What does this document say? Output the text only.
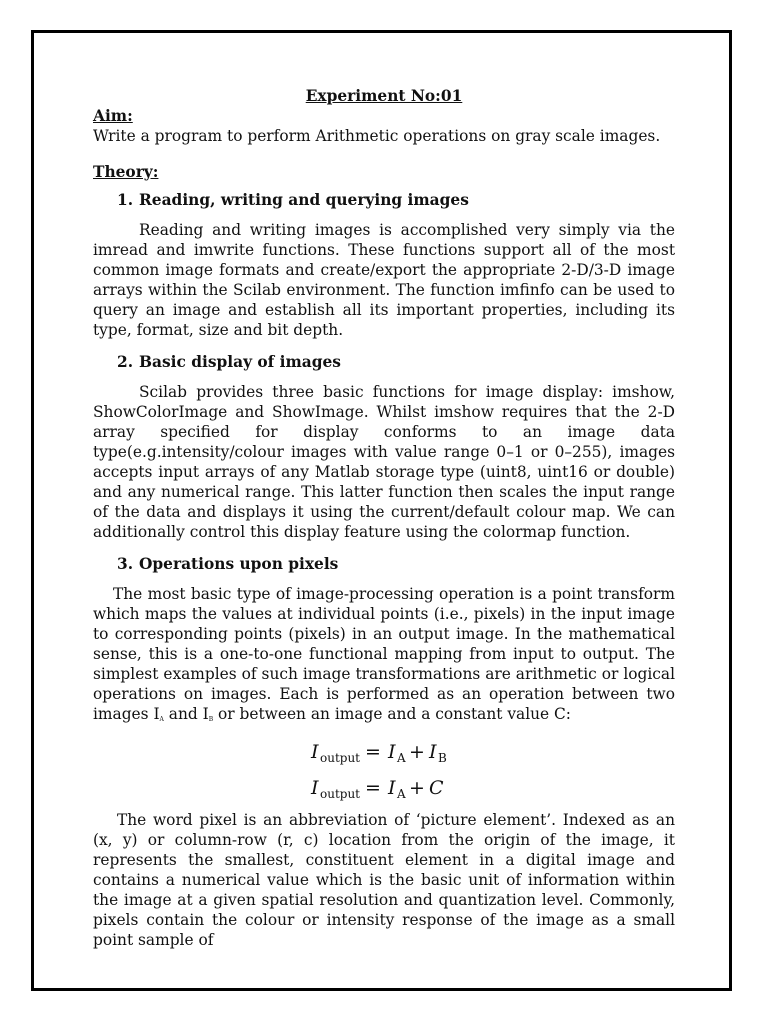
Experiment No:01

Aim:

Write a program to perform Arithmetic operations on gray scale images.

Theory:

1. Reading, writing and querying images

Reading and writing images is accomplished very simply via the imread and imwrite functions. These functions support all of the most common image formats and create/export the appropriate 2-D/3-D image arrays within the Scilab environment. The function imfinfo can be used to query an image and establish all its important properties, including its type, format, size and bit depth.

2. Basic display of images

Scilab provides three basic functions for image display: imshow, ShowColorImage and ShowImage. Whilst imshow requires that the 2-D array specified for display conforms to an image data type(e.g.intensity/colour images with value range 0–1 or 0–255), images accepts input arrays of any Matlab storage type (uint8, uint16 or double) and any numerical range. This latter function then scales the input range of the data and displays it using the current/default colour map. We can additionally control this display feature using the colormap function.

3. Operations upon pixels

The most basic type of image-processing operation is a point transform which maps the values at individual points (i.e., pixels) in the input image to corresponding points (pixels) in an output image. In the mathematical sense, this is a one-to-one functional mapping from input to output. The simplest examples of such image transformations are arithmetic or logical operations on images. Each is performed as an operation between two images $I_A$ and $I_B$ or between an image and a constant value C:

I output = I A + I B
I output = I A + C

The word pixel is an abbreviation of ‘picture element’. Indexed as an (x, y) or column-row (r, c) location from the origin of the image, it represents the smallest, constituent element in a digital image and contains a numerical value which is the basic unit of information within the image at a given spatial resolution and quantization level. Commonly, pixels contain the colour or intensity response of the image as a small point sample of
